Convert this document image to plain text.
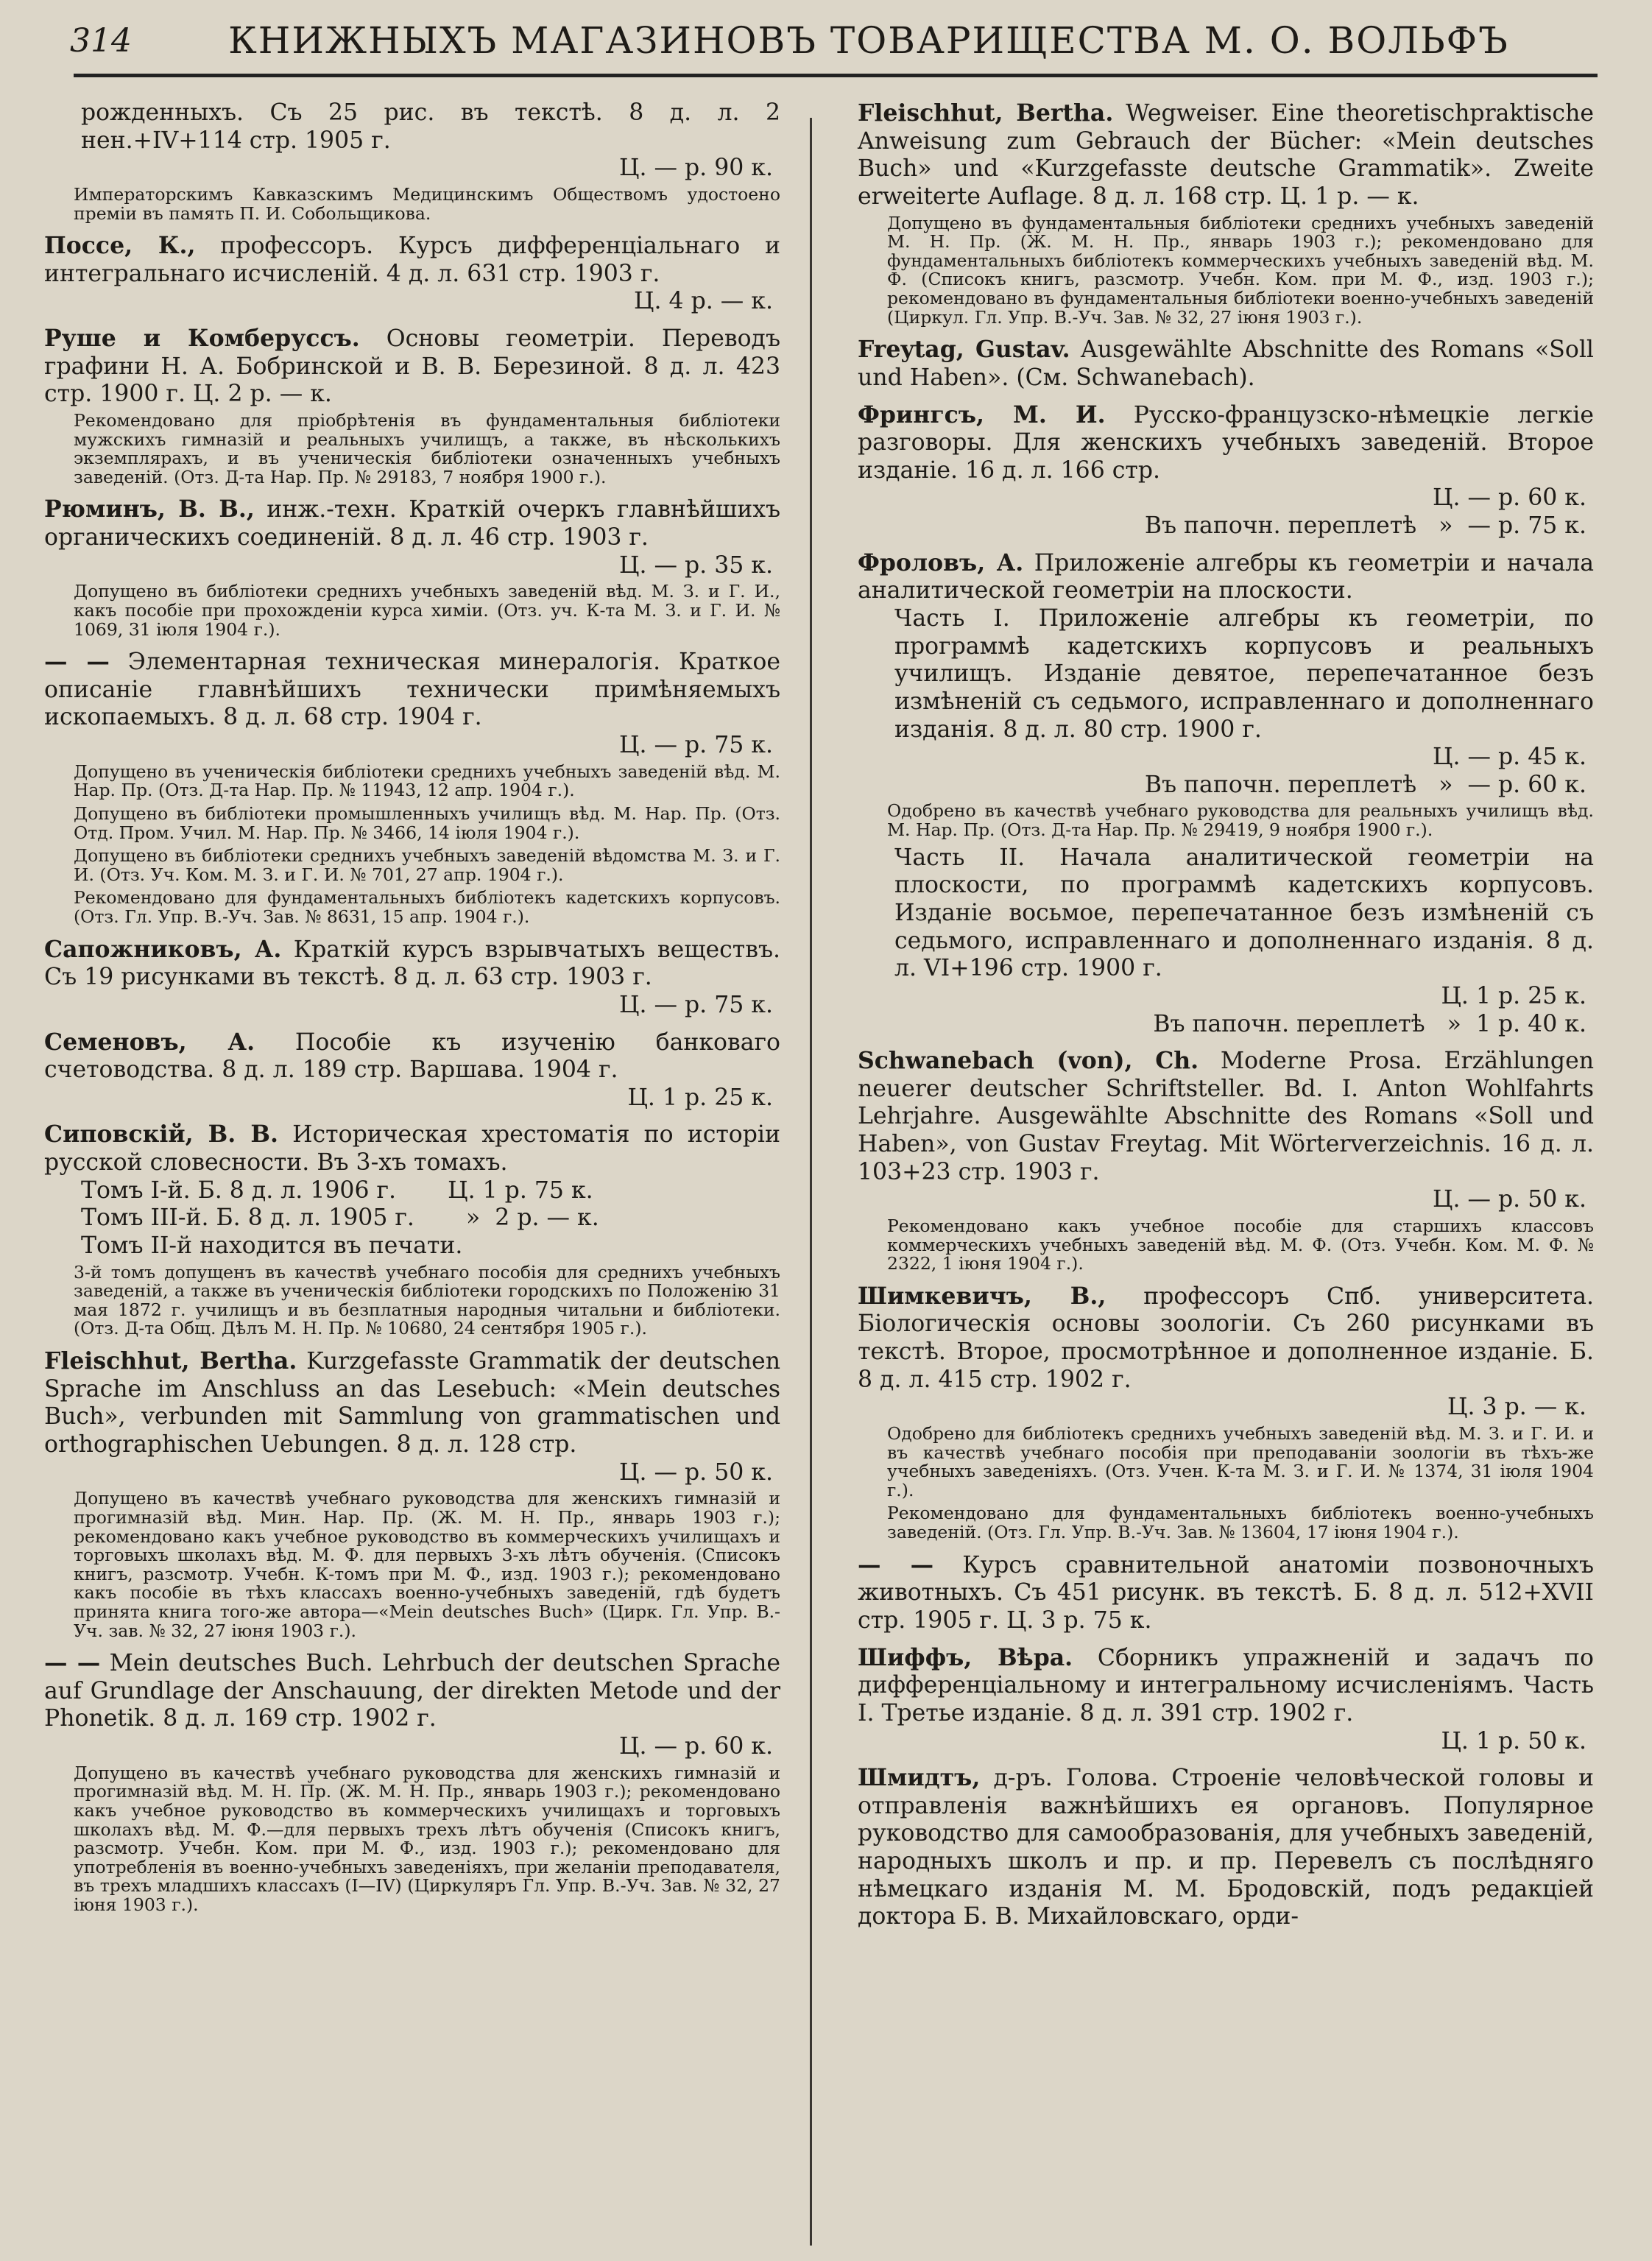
314	КНИЖНЫХЪ МАГАЗИНОВЪ ТОВАРИЩЕСТВА М. О. ВОЛЬФЪ

рожденныхъ. Съ 25 рис. въ текстѣ. 8 д. л. 2 нен.+IV+114 стр. 1905 г.

Ц. — р. 90 к.
Императорскимъ Кавказскимъ Медицинскимъ Обществомъ удостоено преміи въ память П. И. Собольщикова.

Поссе, К., профессоръ. Курсъ дифференціальнаго и интегральнаго исчисленій. 4 д. л. 631 стр. 1903 г.

Ц. 4 р. — к.

Руше и Комберуссъ. Основы геометріи. Переводъ графини Н. А. Бобринской и В. В. Березиной. 8 д. л. 423 стр. 1900 г. Ц. 2 р. — к.

Рекомендовано для пріобрѣтенія въ фундаментальныя библіотеки мужскихъ гимназій и реальныхъ училищъ, а также, въ нѣсколькихъ экземплярахъ, и въ ученическія библіотеки означенныхъ учебныхъ заведеній. (Отз. Д-та Нар. Пр. № 29183, 7 ноября 1900 г.).

Рюминъ, В. В., инж.-техн. Краткій очеркъ главнѣйшихъ органическихъ соединеній. 8 д. л. 46 стр. 1903 г.

Ц. — р. 35 к.
Допущено въ библіотеки среднихъ учебныхъ заведеній вѣд. М. З. и Г. И., какъ пособіе при прохожденіи курса химіи. (Отз. уч. К-та М. З. и Г. И. № 1069, 31 іюля 1904 г.).

— — Элементарная техническая минералогія. Краткое описаніе главнѣйшихъ технически примѣняемыхъ ископаемыхъ. 8 д. л. 68 стр. 1904 г.

Ц. — р. 75 к.
Допущено въ ученическія библіотеки среднихъ учебныхъ заведеній вѣд. М. Нар. Пр. (Отз. Д-та Нар. Пр. № 11943, 12 апр. 1904 г.).
Допущено въ библіотеки промышленныхъ училищъ вѣд. М. Нар. Пр. (Отз. Отд. Пром. Учил. М. Нар. Пр. № 3466, 14 іюля 1904 г.).
Допущено въ библіотеки среднихъ учебныхъ заведеній вѣдомства М. З. и Г. И. (Отз. Уч. Ком. М. З. и Г. И. № 701, 27 апр. 1904 г.).
Рекомендовано для фундаментальныхъ библіотекъ кадетскихъ корпусовъ. (Отз. Гл. Упр. В.-Уч. Зав. № 8631, 15 апр. 1904 г.).

Сапожниковъ, А. Краткій курсъ взрывчатыхъ веществъ. Съ 19 рисунками въ текстѣ. 8 д. л. 63 стр. 1903 г.

Ц. — р. 75 к.

Семеновъ, А. Пособіе къ изученію банковаго счетоводства. 8 д. л. 189 стр. Варшава. 1904 г.

Ц. 1 р. 25 к.

Сиповскій, В. В. Историческая хрестоматія по исторіи русской словесности. Въ 3-хъ томахъ.

Томъ І-й. Б. 8 д. л. 1906 г.       Ц. 1 р. 75 к.
Томъ ІІІ-й. Б. 8 д. л. 1905 г.       »  2 р. — к.
Томъ ІІ-й находится въ печати.
3-й томъ допущенъ въ качествѣ учебнаго пособія для среднихъ учебныхъ заведеній, а также въ ученическія библіотеки городскихъ по Положенію 31 мая 1872 г. училищъ и въ безплатныя народныя читальни и библіотеки. (Отз. Д-та Общ. Дѣлъ М. Н. Пр. № 10680, 24 сентября 1905 г.).

Fleischhut, Bertha. Kurzgefasste Grammatik der deutschen Sprache im Anschluss an das Lesebuch: «Mein deutsches Buch», verbunden mit Sammlung von grammatischen und orthographischen Uebungen. 8 д. л. 128 стр.

Ц. — р. 50 к.
Допущено въ качествѣ учебнаго руководства для женскихъ гимназій и прогимназій вѣд. Мин. Нар. Пр. (Ж. М. Н. Пр., январь 1903 г.); рекомендовано какъ учебное руководство въ коммерческихъ училищахъ и торговыхъ школахъ вѣд. М. Ф. для первыхъ 3-хъ лѣтъ обученія. (Списокъ книгъ, разсмотр. Учебн. К-томъ при М. Ф., изд. 1903 г.); рекомендовано какъ пособіе въ тѣхъ классахъ военно-учебныхъ заведеній, гдѣ будетъ принята книга того-же автора—«Mein deutsches Buch» (Цирк. Гл. Упр. В.-Уч. зав. № 32, 27 іюня 1903 г.).

— — Mein deutsches Buch. Lehrbuch der deutschen Sprache auf Grundlage der Anschauung, der direkten Metode und der Phonetik. 8 д. л. 169 стр. 1902 г.

Ц. — р. 60 к.
Допущено въ качествѣ учебнаго руководства для женскихъ гимназій и прогимназій вѣд. М. Н. Пр. (Ж. М. Н. Пр., январь 1903 г.); рекомендовано какъ учебное руководство въ коммерческихъ училищахъ и торговыхъ школахъ вѣд. М. Ф.—для первыхъ трехъ лѣтъ обученія (Списокъ книгъ, разсмотр. Учебн. Ком. при М. Ф., изд. 1903 г.); рекомендовано для употребленія въ военно-учебныхъ заведеніяхъ, при желаніи преподавателя, въ трехъ младшихъ классахъ (I—IV) (Циркуляръ Гл. Упр. В.-Уч. Зав. № 32, 27 іюня 1903 г.).

Fleischhut, Bertha. Wegweiser. Eine theoretischpraktische Anweisung zum Gebrauch der Bücher: «Mein deutsches Buch» und «Kurzgefasste deutsche Grammatik». Zweite erweiterte Auflage. 8 д. л. 168 стр. Ц. 1 р. — к.

Допущено въ фундаментальныя библіотеки среднихъ учебныхъ заведеній М. Н. Пр. (Ж. М. Н. Пр., январь 1903 г.); рекомендовано для фундаментальныхъ библіотекъ коммерческихъ учебныхъ заведеній вѣд. М. Ф. (Списокъ книгъ, разсмотр. Учебн. Ком. при М. Ф., изд. 1903 г.); рекомендовано въ фундаментальныя библіотеки военно-учебныхъ заведеній (Циркул. Гл. Упр. В.-Уч. Зав. № 32, 27 іюня 1903 г.).

Freytag, Gustav. Ausgewählte Abschnitte des Romans «Soll und Haben». (См. Schwanebach).

Фрингсъ, М. И. Русско-французско-нѣмецкіе легкіе разговоры. Для женскихъ учебныхъ заведеній. Второе изданіе. 16 д. л. 166 стр.

Ц. — р. 60 к.
Въ папочн. переплетѣ   »  — р. 75 к.

Фроловъ, А. Приложеніе алгебры къ геометріи и начала аналитической геометріи на плоскости.

Часть І. Приложеніе алгебры къ геометріи, по программѣ кадетскихъ корпусовъ и реальныхъ училищъ. Изданіе девятое, перепечатанное безъ измѣненій съ седьмого, исправленнаго и дополненнаго изданія. 8 д. л. 80 стр. 1900 г.

Ц. — р. 45 к.
Въ папочн. переплетѣ   »  — р. 60 к.
Одобрено въ качествѣ учебнаго руководства для реальныхъ училищъ вѣд. М. Нар. Пр. (Отз. Д-та Нар. Пр. № 29419, 9 ноября 1900 г.).

Часть ІІ. Начала аналитической геометріи на плоскости, по программѣ кадетскихъ корпусовъ. Изданіе восьмое, перепечатанное безъ измѣненій съ седьмого, исправленнаго и дополненнаго изданія. 8 д. л. VI+196 стр. 1900 г.

Ц. 1 р. 25 к.
Въ папочн. переплетѣ   »  1 р. 40 к.

Schwanebach (von), Ch. Moderne Prosa. Erzählungen neuerer deutscher Schriftsteller. Bd. I. Anton Wohlfahrts Lehrjahre. Ausgewählte Abschnitte des Romans «Soll und Haben», von Gustav Freytag. Mit Wörterverzeichnis. 16 д. л. 103+23 стр. 1903 г.

Ц. — р. 50 к.
Рекомендовано какъ учебное пособіе для старшихъ классовъ коммерческихъ учебныхъ заведеній вѣд. М. Ф. (Отз. Учебн. Ком. М. Ф. № 2322, 1 іюня 1904 г.).

Шимкевичъ, В., профессоръ Спб. университета. Біологическія основы зоологіи. Съ 260 рисунками въ текстѣ. Второе, просмотрѣнное и дополненное изданіе. Б. 8 д. л. 415 стр. 1902 г.

Ц. 3 р. — к.
Одобрено для библіотекъ среднихъ учебныхъ заведеній вѣд. М. З. и Г. И. и въ качествѣ учебнаго пособія при преподаваніи зоологіи въ тѣхъ-же учебныхъ заведеніяхъ. (Отз. Учен. К-та М. З. и Г. И. № 1374, 31 іюля 1904 г.).
Рекомендовано для фундаментальныхъ библіотекъ военно-учебныхъ заведеній. (Отз. Гл. Упр. В.-Уч. Зав. № 13604, 17 іюня 1904 г.).

— — Курсъ сравнительной анатоміи позвоночныхъ животныхъ. Съ 451 рисунк. въ текстѣ. Б. 8 д. л. 512+XVII стр. 1905 г. Ц. 3 р. 75 к.

Шиффъ, Вѣра. Сборникъ упражненій и задачъ по дифференціальному и интегральному исчисленіямъ. Часть І. Третье изданіе. 8 д. л. 391 стр. 1902 г.

Ц. 1 р. 50 к.

Шмидтъ, д-ръ. Голова. Строеніе человѣческой головы и отправленія важнѣйшихъ ея органовъ. Популярное руководство для самообразованія, для учебныхъ заведеній, народныхъ школъ и пр. и пр. Перевелъ съ послѣдняго нѣмецкаго изданія М. М. Бродовскій, подъ редакціей доктора Б. В. Михайловскаго, орди-
